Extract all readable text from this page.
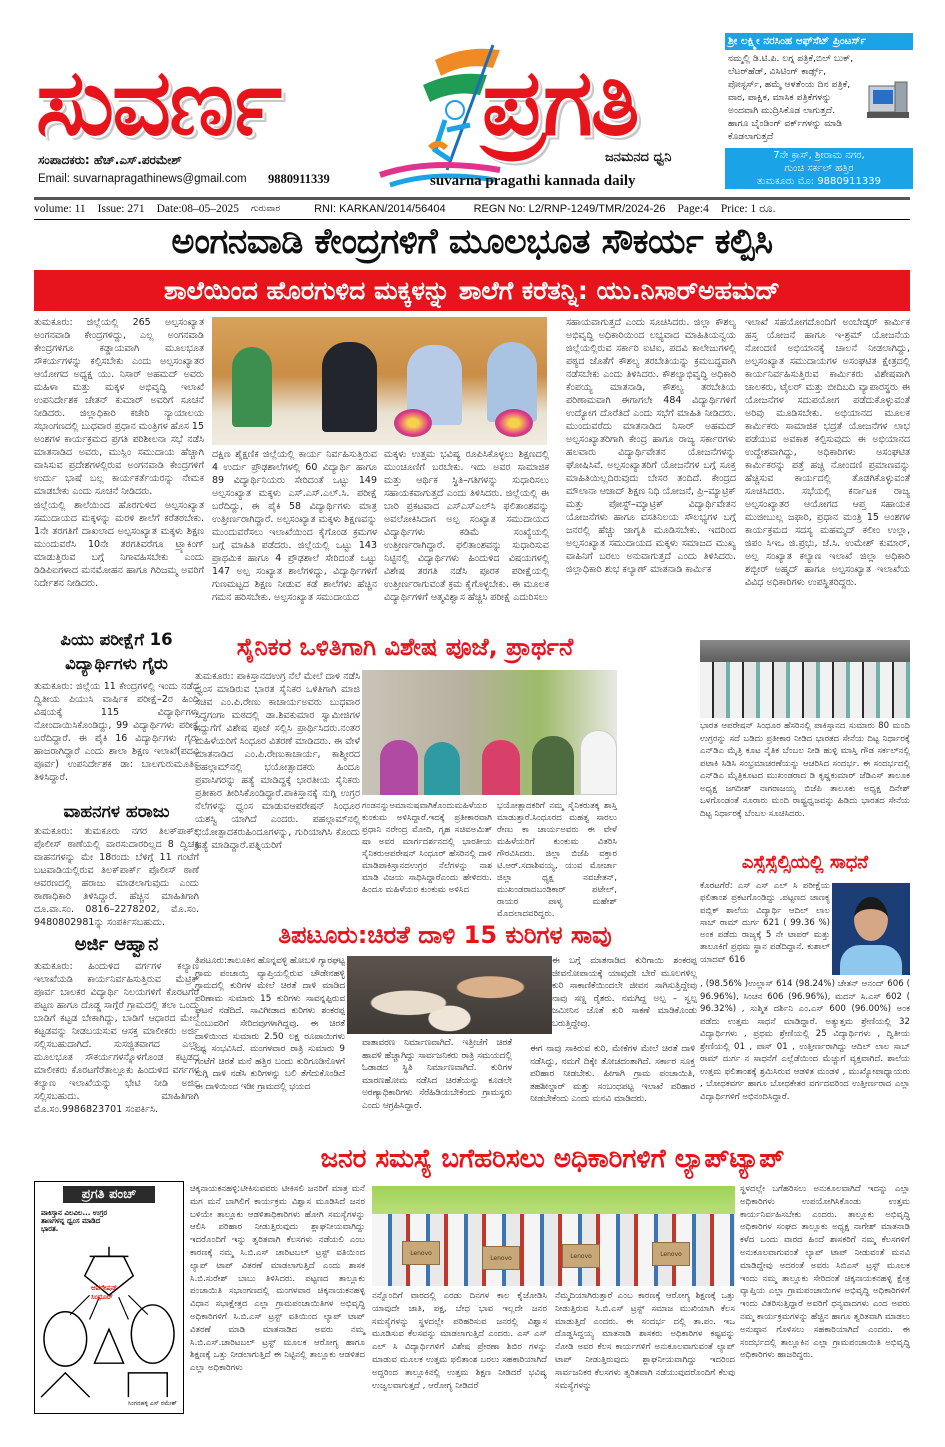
ಸುವರ್ಣ ಪ್ರಗತಿ
ಸಂಪಾದಕರು: ಹೆಚ್.ಎಸ್.ಪರಮೇಶ್
Email: suvarnapragathinews@gmail.com 9880911339
ಜನಮನದ ಧ್ವನಿ
suvarna pragathi kannada daily
ಶ್ರೀ ಲಕ್ಷ್ಮೀ ನರಸಿಂಹ ಆಫ್‌ಸೆಟ್ ಪ್ರಿಂಟರ್ಸ್
ನಮ್ಮಲ್ಲಿ ಡಿ.ಟಿ.ಪಿ. ಲಗ್ನ ಪತ್ರಿಕೆ,ಬಿಲ್ ಬುಕ್, ಲೆಟರ್‌ಹೆಡ್, ವಿಸಿಟಿಂಗ್ ಕಾರ್ಡ್ಸ್, ಪೋಸ್ಟರ್ಸ್, ಹಮ್ಮೆ ಆಳತೆಂಯ ದಿನ ಪತ್ರಿಕೆ, ವಾರ, ಪಾಕ್ಷಿಕ, ಮಾಸಿಕ ಪತ್ರಿಕೆಗಳನ್ನು ಅಂದವಾಗಿ ಮುದ್ರಿಸಿಕೊಡ ಲಾಗುತ್ತದೆ. ಹಾಗೂ ಬೈಂಡಿಂಗ್ ವರ್ಕ್‌ಗಳನ್ನು ಮಾಡಿ ಕೊಡಲಾಗುತ್ತದೆ
7ನೇ ಕ್ರಾಸ್, ಶ್ರೀರಾಮ ನಗರ,
ಗುಂಚಿ ಸರ್ಕಲ್ ಹತ್ತಿರ
ತುಮಕೂರು ಮೊ: 9880911339
volume: 11 Issue: 271 Date:08–05–2025 ಗುರುವಾರ	RNI: KARKAN/2014/56404	REGN No: L2/RNP-1249/TMR/2024-26 Page:4 Price: 1 ರೂ.
ಅಂಗನವಾಡಿ ಕೇಂದ್ರಗಳಿಗೆ ಮೂಲಭೂತ ಸೌಕರ್ಯ ಕಲ್ಪಿಸಿ
ಶಾಲೆಯಿಂದ ಹೊರಗುಳಿದ ಮಕ್ಕಳನ್ನು ಶಾಲೆಗೆ ಕರೆತನ್ನಿ: ಯು.ನಿಸಾರ್‌ಅಹಮದ್

ತುಮಕೂರು: ಜಿಲ್ಲೆಯಲ್ಲಿ 265 ಅಲ್ಪಸಂಖ್ಯಾತ ಅಂಗನವಾಡಿ ಕೇಂದ್ರಗಳಿದ್ದು, ಎಲ್ಲ ಅಂಗನವಾಡಿ ಕೇಂದ್ರಗಳಿಗೂ ಕಡ್ಡಾಯವಾಗಿ ಮೂಲಭೂತ ಸೌಕರ್ಯಗಳನ್ನು ಕಲ್ಪಿಸಬೇಕು ಎಂದು ಅಲ್ಪಸಂಖ್ಯಾತರ ಆಯೋಗದ ಅಧ್ಯಕ್ಷ ಯು. ನಿಸಾರ್ ಅಹಮದ್ ಅವರು ಮಹಿಳಾ ಮತ್ತು ಮಕ್ಕಳ ಅಭಿವೃದ್ಧಿ ಇಲಾಖೆ ಉಪನಿರ್ದೇಶಕ ಚೇತನ್ ಕುಮಾರ್ ಅವರಿಗೆ ಸೂಚನೆ ನೀಡಿದರು. ಜಿಲ್ಲಾಧಿಕಾರಿ ಕಚೇರಿ ನ್ಯಾಯಾಲಯ ಸಭಾಂಗಣದಲ್ಲಿ ಬುಧವಾರ ಪ್ರಧಾನ ಮಂತ್ರಿಗಳ ಹೊಸ 15 ಅಂಶಗಳ ಕಾರ್ಯಕ್ರಮದ ಪ್ರಗತಿ ಪರಿಶೀಲನಾ ಸಭೆ ನಡೆಸಿ ಮಾತನಾಡಿದ ಅವರು, ಮುಸ್ಲಿಂ ಸಮುದಾಯ ಹೆಚ್ಚಾಗಿ ವಾಸಿಸುವ ಪ್ರದೇಶಗಳಲ್ಲಿರುವ ಅಂಗನವಾಡಿ ಕೇಂದ್ರಗಳಿಗೆ ಉರ್ದು ಭಾಷೆ ಬಲ್ಲ ಕಾರ್ಯಕರ್ತೆಯರನ್ನು ನೇಮಕ ಮಾಡಬೇಕು ಎಂದು ಸೂಚನೆ ನೀಡಿದರು.

ಜಿಲ್ಲೆಯಲ್ಲಿ ಶಾಲೆಯಿಂದ ಹೊರಗುಳಿದ ಅಲ್ಪಸಂಖ್ಯಾತ ಸಮುದಾಯದ ಮಕ್ಕಳನ್ನು ಮರಳಿ ಶಾಲೆಗೆ ಕರೆತರಬೇಕು. 1ನೇ ತರಗತಿಗೆ ದಾಖಲಾದ ಅಲ್ಪಸಂಖ್ಯಾತ ಮಕ್ಕಳು ಶಿಕ್ಷಣ ಮುಂದುವರೆಸಿ 10ನೇ ತರಗತಿವರೆಗೂ ಟ್ರ್ಯಾಕಿಂಗ್ ಮಾಡುತ್ತಿರುವ ಬಗ್ಗೆ ನಿಗಾವಹಿಸಬೇಕು ಎಂದು ಡಿಡಿಪಿಐಗಳಾದ ಮನಮೋಹನ ಹಾಗೂ ಗಿರಿಜಮ್ಮ ಅವರಿಗೆ ನಿರ್ದೇಶನ ನೀಡಿದರು.

ದಕ್ಷಿಣ ಶೈಕ್ಷಣಿಕ ಜಿಲ್ಲೆಯಲ್ಲಿ ಕಾರ್ಯ ನಿರ್ವಹಿಸುತ್ತಿರುವ 4 ಉರ್ದು ಪ್ರೌಢಶಾಲೆಗಳಲ್ಲಿ 60 ವಿದ್ಯಾರ್ಥಿ ಹಾಗೂ 89 ವಿದ್ಯಾರ್ಥಿನಿಯರು ಸೇರಿದಂತೆ ಒಟ್ಟು 149 ಅಲ್ಪಸಂಖ್ಯಾತ ಮಕ್ಕಳು ಎಸ್.ಎಸ್.ಎಲ್.ಸಿ. ಪರೀಕ್ಷೆ ಬರೆದಿದ್ದು, ಈ ಪೈಕಿ 58 ವಿದ್ಯಾರ್ಥಿಗಳು ಮಾತ್ರ ಉತ್ತೀರ್ಣರಾಗಿದ್ದಾರೆ. ಅಲ್ಪಸಂಖ್ಯಾತ ಮಕ್ಕಳು ಶಿಕ್ಷಣವನ್ನು ಮುಂದುವರೆಸಲು ಇಲಾಖೆಯಿಂದ ಕೈಗೊಂಡ ಕ್ರಮಗಳ ಬಗ್ಗೆ ಮಾಹಿತಿ ಪಡೆದರು. ಜಿಲ್ಲೆಯಲ್ಲಿ ಒಟ್ಟು 143 ಪ್ರಾಥಮಿಕ ಹಾಗೂ 4 ಪ್ರೌಢಶಾಲೆ ಸೇರಿದಂತೆ ಒಟ್ಟು 147 ಅಲ್ಪ ಸಂಖ್ಯಾತ ಶಾಲೆಗಳಿದ್ದು, ವಿದ್ಯಾರ್ಥಿಗಳಿಗೆ ಗುಣಮಟ್ಟದ ಶಿಕ್ಷಣ ನೀಡುವ ಕಡೆ ಶಾಲೆಗಳು ಹೆಚ್ಚಿನ ಗಮನ ಹರಿಸಬೇಕು. ಅಲ್ಪಸಂಖ್ಯಾತ ಸಮುದಾಯದ

ಮಕ್ಕಳು ಉತ್ತಮ ಭವಿಷ್ಯ ರೂಪಿಸಿಕೊಳ್ಳಲು ಶಿಕ್ಷಣದಲ್ಲಿ ಮುಂಚೂಣಿಗೆ ಬರಬೇಕು. ಇದು ಅವರ ಸಾಮಾಜಿಕ ಮತ್ತು ಆರ್ಥಿಕ ಸ್ಥಿತಿ–ಗತಿಗಳನ್ನು ಸುಧಾರಿಸಲು ಸಹಾಯಕವಾಗುತ್ತದೆ ಎಂದು ತಿಳಿಸಿದರು. ಜಿಲ್ಲೆಯಲ್ಲಿ ಈ ಬಾರಿ ಪ್ರಕಟವಾದ ಎಸ್‌ಎಸ್‌ಎಲ್‌ಸಿ ಫಲಿತಾಂಶವನ್ನು ಅವಲೋಕಿಸಿದಾಗ ಅಲ್ಪ ಸಂಖ್ಯಾತ ಸಮುದಾಯದ ವಿದ್ಯಾರ್ಥಿಗಳು ಕಡಿಮೆ ಸಂಖ್ಯೆಯಲ್ಲಿ ಉತ್ತೀರ್ಣರಾಗಿದ್ದಾರೆ. ಫಲಿತಾಂಶವನ್ನು ಸುಧಾರಿಸುವ ನಿಟ್ಟಿನಲ್ಲಿ ವಿದ್ಯಾರ್ಥಿಗಳು ಹಿಂದುಳಿದ ವಿಷಯಗಳಲ್ಲಿ ವಿಶೇಷ ತರಗತಿ ನಡೆಸಿ ಪೂರಕ ಪರೀಕ್ಷೆಯಲ್ಲಿ ಉತ್ತೀರ್ಣರಾಗುವಂತೆ ಕ್ರಮ ಕೈಗೊಳ್ಳಬೇಕು. ಈ ಮೂಲಕ ವಿದ್ಯಾರ್ಥಿಗಳಿಗೆ ಆತ್ಮವಿಶ್ವಾಸ ಹೆಚ್ಚಿಸಿ ಪರೀಕ್ಷೆ ಎದುರಿಸಲು

ಸಹಾಯವಾಗುತ್ತದೆ ಎಂದು ಸೂಚಿಸಿದರು. ಜಿಲ್ಲಾ ಕೌಶಲ್ಯ ಅಭಿವೃದ್ಧಿ ಅಧಿಕಾರಿಯಿಂದ ಲಭ್ಯವಾದ ಮಾಹಿತಿಯನ್ವಯ ಜಿಲ್ಲೆಯಲ್ಲಿರುವ ಸರ್ಕಾರಿ ಐಟಿಐ, ಪದವಿ ಕಾಲೇಜುಗಳಲ್ಲಿ ಪಠ್ಯದ ಜೊತೆಗೆ ಕೌಶಲ್ಯ ತರಬೇತಿಯನ್ನು ಕ್ರಮಬದ್ಧವಾಗಿ ನಡೆಸಬೇಕು ಎಂದು ತಿಳಿಸಿದರು. ಕೌಶಲ್ಯಾಭಿವೃದ್ಧಿ ಅಧಿಕಾರಿ ಕೆಂಪಯ್ಯ ಮಾತನಾಡಿ, ಕೌಶಲ್ಯ ತರಬೇತಿಯ ಪರಿಣಾಮವಾಗಿ ಈಗಾಗಲೇ 484 ವಿದ್ಯಾರ್ಥಿಗಳಿಗೆ ಉದ್ಯೋಗ ದೊರೆತಿದೆ ಎಂದು ಸಭೆಗೆ ಮಾಹಿತಿ ನೀಡಿದರು. ಮುಂದುವರೆದು ಮಾತನಾಡಿದ ನಿಸಾರ್ ಅಹಮದ್ ಅಲ್ಪಸಂಖ್ಯಾತರಿಗಾಗಿ ಕೇಂದ್ರ ಹಾಗೂ ರಾಜ್ಯ ಸರ್ಕಾರಗಳು ಹಲವಾರು ವಿದ್ಯಾರ್ಥಿವೇತನ ಯೋಜನೆಗಳನ್ನು ಘೋಷಿಸಿವೆ. ಅಲ್ಪಸಂಖ್ಯಾತರಿಗೆ ಯೋಜನೆಗಳ ಬಗ್ಗೆ ಸೂಕ್ತ ಮಾಹಿತಿಯಿಲ್ಲದಿರುವುದು ಬೇಸರ ತಂದಿದೆ. ಕೇಂದ್ರದ ಮೌಲಾನಾ ಆಜಾದ್ ಶಿಕ್ಷಣ ನಿಧಿ ಯೋಜನೆ, ಪ್ರಿ–ಮ್ಯಾಟ್ರಿಕ್ ಮತ್ತು ಪೋಸ್ಟ್–ಮ್ಯಾಟ್ರಿಕ್ ವಿದ್ಯಾರ್ಥಿವೇತನ ಯೋಜನೆಗಳು ಹಾಗೂ ವಸತಿನಿಲಯ ಸೌಲಭ್ಯಗಳ ಬಗ್ಗೆ ಜನರಲ್ಲಿ ಹೆಚ್ಚು ಜಾಗೃತಿ ಮೂಡಿಸಬೇಕು. ಇದರಿಂದ ಅಲ್ಪಸಂಖ್ಯಾತ ಸಮುದಾಯದ ಮಕ್ಕಳು ಸಮಾಜದ ಮುಖ್ಯ ವಾಹಿನಿಗೆ ಬರಲು ಅನುವಾಗುತ್ತದೆ ಎಂದು ತಿಳಿಸಿದರು. ಜಿಲ್ಲಾಧಿಕಾರಿ ಶುಭ ಕಲ್ಯಾಣ್ ಮಾತನಾಡಿ ಕಾರ್ಮಿಕ

ಇಲಾಖೆ ಸಹಯೋಗದೊಂದಿಗೆ ಅಂಬೇಡ್ಕರ್ ಕಾರ್ಮಿಕ ಹಸ್ತ ಯೋಜನೆ ಹಾಗೂ ಇ-ಶ್ರಮ್ ಯೋಜನೆಯ ನೋಂದಣಿ ಅಭಿಯಾನಕ್ಕೆ ಚಾಲನೆ ನೀಡಲಾಗಿದ್ದು, ಅಲ್ಪಸಂಖ್ಯಾತ ಸಮುದಾಯಗಳ ಅಸಂಘಟಿತ ಕ್ಷೇತ್ರದಲ್ಲಿ ಕಾರ್ಯನಿರ್ವಹಿಸುತ್ತಿರುವ ಕಾರ್ಮಿಕರು ವಿಶೇಷವಾಗಿ ಚಾಲಕರು, ಟೈಲರ್ ಮತ್ತು ಬೀದಿಬದಿ ವ್ಯಾಪಾರಸ್ಥರು ಈ ಯೋಜನೆಗಳ ಸದುಪಯೋಗ ಪಡೆದುಕೊಳ್ಳುವಂತೆ ಅರಿವು ಮೂಡಿಸಬೇಕು. ಅಭಿಯಾನದ ಮೂಲಕ ಕಾರ್ಮಿಕರು ಸಾಮಾಜಿಕ ಭದ್ರತೆ ಯೋಜನೆಗಳ ಲಾಭ ಪಡೆಯುವ ಅವಕಾಶ ಕಲ್ಪಿಸುವುದು ಈ ಅಭಿಯಾನದ ಉದ್ದೇಶವಾಗಿದ್ದು, ಅಧಿಕಾರಿಗಳು ಅಸಂಘಟಿತ ಕಾರ್ಮಿಕರನ್ನು ಪತ್ತೆ ಹಚ್ಚಿ ನೋಂದಣಿ ಪ್ರಮಾಣವನ್ನು ಹೆಚ್ಚಿಸುವ ಕಾರ್ಯದಲ್ಲಿ ತೊಡಗಿಕೊಳ್ಳುವಂತೆ ಸೂಚಿಸಿದರು. ಸಭೆಯಲ್ಲಿ ಕರ್ನಾಟಕ ರಾಜ್ಯ ಅಲ್ಪಸಂಖ್ಯಾತರ ಆಯೋಗದ ಆಪ್ತ ಸಹಾಯಕ ಮುಜೀಬುಲ್ಲ ಜಫಾರಿ, ಪ್ರಧಾನ ಮಂತ್ರಿ 15 ಅಂಶಗಳ ಕಾರ್ಯಕ್ರಮದ ಸದಸ್ಯ ಮಹಮ್ಮದ್ ಕಲೀಂ ಉಲ್ಲಾ, ಜಿಪಂ ಸಿಇಒ ಜಿ.ಪ್ರಭು, ಜೆ.ಸಿ. ಉಮೇಶ್ ಕುಮಾರ್, ಅಲ್ಪ ಸಂಖ್ಯಾತ ಕಲ್ಯಾಣ ಇಲಾಖೆ ಜಿಲ್ಲಾ ಅಧಿಕಾರಿ ಶಬ್ಬೀರ್ ಅಹ್ಮದ್ ಹಾಗೂ ಅಲ್ಪಸಂಖ್ಯಾತ ಇಲಾಖೆಯ ವಿವಿಧ ಅಧಿಕಾರಿಗಳು ಉಪಸ್ಥಿತರಿದ್ದರು.

ಪಿಯು ಪರೀಕ್ಷೆಗೆ 16
ವಿದ್ಯಾರ್ಥಿಗಳು ಗೈರು

ತುಮಕೂರು: ಜಿಲ್ಲೆಯ 11 ಕೇಂದ್ರಗಳಲ್ಲಿ ಇಂದು ನಡೆದ ದ್ವಿತೀಯ ಪಿಯುಸಿ ವಾರ್ಷಿಕ ಪರೀಕ್ಷೆ–2ರ ಹಿಂದಿ ವಿಷಯಕ್ಕೆ 115 ವಿದ್ಯಾರ್ಥಿಗಳು ನೋಂದಾಯಿಸಿಕೊಂಡಿದ್ದು, 99 ವಿದ್ಯಾರ್ಥಿಗಳು ಪರೀಕ್ಷೆ ಬರೆದಿದ್ದಾರೆ. ಈ ಪೈಕಿ 16 ವಿದ್ಯಾರ್ಥಿಗಳು ಗೈರು ಹಾಜರಾಗಿದ್ದಾರೆ ಎಂದು ಶಾಲಾ ಶಿಕ್ಷಣ ಇಲಾಖೆ(ಪದವಿ ಪೂರ್ವ) ಉಪನಿರ್ದೇಶಕ ಡಾ: ಬಾಲಗುರುಮೂರ್ತಿ ತಿಳಿಸಿದ್ದಾರೆ.

ವಾಹನಗಳ ಹರಾಜು

ತುಮಕೂರು: ತುಮಕೂರು ನಗರ ತಿಲಕ್‌ಪಾರ್ಕ್ ಪೊಲೀಸ್ ಠಾಣೆಯಲ್ಲಿ ವಾರಸುದಾರರಿಲ್ಲದ 8 ದ್ವಿಚಕ್ರ ವಾಹನಗಳನ್ನು ಮೇ 18ರಂದು ಬೆಳಿಗ್ಗೆ 11 ಗಂಟೆಗೆ ಬಟವಾಡಿಯಲ್ಲಿರುವ ತಿಲಕ್‌ಪಾರ್ಕ್ ಪೊಲೀಸ್ ಠಾಣೆ ಆವರಣದಲ್ಲಿ ಹರಾಜು ಮಾಡಲಾಗುವುದು ಎಂದು ಠಾಣಾಧಿಕಾರಿ ತಿಳಿಸಿದ್ದಾರೆ. ಹೆಚ್ಚಿನ ಮಾಹಿತಿಗಾಗಿ ದೂ.ವಾ.ಸಂ. 0816–2278202, ಮೊ.ಸಂ. 9480802981ನ್ನು ಸಂಪರ್ಕಿಸಬಹುದು.

ಅರ್ಜಿ ಆಹ್ವಾನ

ತುಮಕೂರು: ಹಿಂದುಳಿದ ವರ್ಗಗಳ ಕಲ್ಯಾಣ ಇಲಾಖೆಯಡಿ ಕಾರ್ಯನಿರ್ವಹಿಸುತ್ತಿರುವ ಮೆಟ್ರಿಕ್ ಪೂರ್ವ ಬಾಲಕರ ವಿದ್ಯಾರ್ಥಿ ನಿಲಯಗಳಿಗೆ ಕೊರಟಗೆರೆ ಪಟ್ಟಣ ಹಾಗೂ ದೊಡ್ಡ ಸಾಗ್ಗೆರೆ ಗ್ರಾಮದಲ್ಲಿ ತಲಾ ಒಂದು ಬಾಡಿಗೆ ಕಟ್ಟಡ ಬೇಕಾಗಿದ್ದು, ಬಾಡಿಗೆ ಆಧಾರದ ಮೇಲೆ ಕಟ್ಟಡವನ್ನು ನೀಡಬಯಸುವ ಆಸಕ್ತ ಮಾಲೀಕರು ಅರ್ಜಿ ಸಲ್ಲಿಸಬಹುದಾಗಿದೆ. ಸುಸಜ್ಜಿತವಾಗದ ಎಲ್ಲಾ ಮೂಲಭೂತ ಸೌಕರ್ಯಗಳನ್ನೊಳಗೊಂಡ ಕಟ್ಟಡದ ಮಾಲೀಕರು ಕೊರಟಗೆರೆತಾಲ್ಲೂಕು ಹಿಂದುಳಿದ ವರ್ಗಗಳ ಕಲ್ಯಾಣ ಇಲಾಖೆಯನ್ನು ಭೇಟಿ ನೀಡಿ ಅರ್ಜಿ ಸಲ್ಲಿಸಬಹುದು. ಮಾಹಿತಿಗಾಗಿ ಮೊ.ಸಂ.9986823701 ಸಂಪರ್ಕಿಸಿ.

ಸೈನಿಕರ ಒಳಿತಿಗಾಗಿ ವಿಶೇಷ ಪೂಜೆ, ಪ್ರಾರ್ಥನೆ

ತುಮಕೂರು: ಪಾಕಿಸ್ತಾನದಉಗ್ರ ನೆಲೆ ಮೇಲೆ ದಾಳಿ ನಡೆಸಿ ಧ್ವಂಸ ಮಾಡಿರುವ ಭಾರತ ಸೈನಿಕರ ಒಳಿತಿಗಾಗಿ ಮಾಜಿ ಸಚಿವ ಎಂ.ಪಿ.ರೇಣು ಕಾಚಾರ್ಯಅವರು ಬುಧವಾರ ಸಿದ್ಧಗಂಗಾ ಮಠದಲ್ಲಿ ಡಾ.ಶಿವಕುಮಾರ ಸ್ವಾಮೀಜಿಗಳ ಗದ್ದುಗೆಗೆ ವಿಶೇಷ ಪೂಜೆ ಸಲ್ಲಿಸಿ ಪ್ರಾರ್ಥಿಸಿದರು.ನಂತರ ಮಹಿಳೆಯರಿಗೆ ಸಿಂಧೂರ ವಿತರಣೆ ಮಾಡಿದರು. ಈ ವೇಳೆ ಮಾತನಾಡಿದ ಎಂ.ಪಿ.ರೇಣುಕಾಚಾರ್ಯ, ಕಾಶ್ಮೀರದ ಪಹಲ್ಗಾಮ್‌ನಲ್ಲಿ ಭಯೋತ್ಪಾದಕರು ಹಿಂದೂ ಪ್ರವಾಸಿಗರನ್ನು ಹತ್ಯೆ ಮಾಡಿದ್ದಕ್ಕೆ ಭಾರತೀಯ ಸೈನಿಕರು ಪ್ರತೀಕಾರ ತೀರಿಸಿಕೊಂಡಿದ್ದಾರೆ.ಪಾಕಿಸ್ತಾನಕ್ಕೆ ನುಗ್ಗಿ ಉಗ್ರರ ನೆಲೆಗಳನ್ನು ಧ್ವಂಸ ಮಾಡುವಆಪರೇಷನ್ ಸಿಂಧೂರ ಯಶಸ್ವಿ ಯಾಗಿದೆ ಎಂದರು. ಪಹಲ್ಗಾಮ್‌ನಲ್ಲಿ ಭಯೋತ್ಪಾದಕರುಹಿಂದೂಗಳನ್ನು, ಗುರಿಯಾಗಿಸಿ ಕೊಂದು ಹತ್ಯೆ ಮಾಡಿದ್ದಾರೆ.ಪತ್ನಿಯರಿಗೆ

ಗಂಡನನ್ನುಅಮಾನುಷವಾಗಿಕೊಂದುಮಹಿಳೆಯರ ಕುಂಕುಮ ಅಳಿಸಿದ್ದಾರೆ.ಇದಕ್ಕೆ ಪ್ರತೀಕಾರವಾಗಿ ಪ್ರಧಾನಿ ನರೇಂದ್ರ ಮೋದಿ, ಗೃಹ ಸಚಿವಅಮಿತ್ ಷಾ ಅವರ ಮಾರ್ಗದರ್ಶನದಲ್ಲಿ ಭಾರತೀಯ ಸೈನಿಕರುಆಪರೇಷನ್ ಸಿಂಧೂರ್ ಹೆಸರಿನಲ್ಲಿ ದಾಳಿ ಮಾಡಿಪಾಕಿಸ್ತಾನದಉಗ್ರರ ನೆಲೆಗಳನ್ನು ನಾಶ ಮಾಡಿ ವಿಜಯ ಸಾಧಿಸಿದ್ದಾರೆಎಂದು ಹೇಳಿದರು. ಹಿಂದೂ ಮಹಿಳೆಯರ ಕುಂಕುಮ ಅಳಿಸಿದ

ಭಯೋತ್ಪಾದಕರಿಗೆ ನಮ್ಮ ಸೈನಿಕರುತಕ್ಕ ಶಾಸ್ತಿ ಮಾಡುತ್ತಾರೆ.ಸಿಂಧೂರದ ಮಹತ್ವ ಸಾರಲು ರೇಣು ಕಾ ಚಾರ್ಯಅವರು ಈ ವೇಳೆ ಮಹಿಳೆಯರಿಗೆ ಕುಂಕುಮ ವಿತರಿಸಿ ಗೌರವಿಸಿದರು. ಜಿಲ್ಲಾ ಬಿಜೆಪಿ ವಕ್ತಾರ ಟಿ.ಆರ್.ಸದಾಶಿವಯ್ಯ, ಯುವ ಮೋರ್ಚಾ ಜಿಲ್ಲಾ ಧ್ಯಕ್ಷ ನವಚೇತನ್, ಮುಖಂಡರಾದಬಂಡಿಕಾರ್ ಪಟೇಲ್, ರಾಯರ ಪಾಳ್ಯ ಮಹೇಶ್ ಮೊದಲಾದವರಿದ್ದರು.

ಭಾರತ ಆಪರೇಷನ್ ಸಿಂಧೂರ ಹೆಸರಿನಲ್ಲಿ ಪಾಕಿಸ್ತಾನದ ಸುಮಾರು 80 ಮಂದಿ ಉಗ್ರರನ್ನು ಸದೆ ಬಡಿದು ಪ್ರತೀಕಾರ ನೀಡಿದ ಭಾರತದ ಸೇನೆಯ ದಿಟ್ಟ ನಿರ್ಧಾರಕ್ಕೆ ಎನ್‌ಡಿಎ ಮೈತ್ರಿ ಕೂಟ ನೈತಿಕ ಬೆಂಬಲ ನೀಡಿ ಹುಳ್ಳಿ ಮಾಸ್ತಿ ಗೌಡ ಸರ್ಕಲ್‌ನಲ್ಲಿ ಪಟಾಕಿ ಸಿಡಿಸಿ ಸಂಭ್ರಮಾಚರಣೆಯನ್ನು ಆಚರಿಸಿದ ಸಂದರ್ಭ. ಈ ಸಂದರ್ಭದಲ್ಲಿ ಎನ್‌ಡಿಎ ಮೈತ್ರಿಕೂಟದ ಮುಖಂಡರಾದ ಡಿ ಕೃಷ್ಣಕುಮಾರ್ ಜೆಡಿಎಸ್ ತಾಲೂಕ ಅಧ್ಯಕ್ಷ ಜಗದೀಶ್ ನಾಗರಾಜಯ್ಯ ಬಿಜೆಪಿ ತಾಲೂಕು ಅಧ್ಯಕ್ಷ ದಿನೇಶ್ ಒಳಗೊಂಡಂತೆ ನೂರಾರು ಮಂದಿ ರಾಷ್ಟ್ರಧ್ವಜವನ್ನು ಹಿಡಿದು ಭಾರತದ ಸೇನೆಯ ದಿಟ್ಟ ನಿರ್ಧಾರಕ್ಕೆ ಬೆಂಬಲ ಸೂಚಿಸಿದರು.

ಎಸ್ಸೆಸ್ಸೆಲ್ಸಿಯಲ್ಲಿ ಸಾಧನೆ

ಕೊರಟಗೆರೆ: ಎಸ್ ಎಸ್ ಎಲ್ ಸಿ ಪರೀಕ್ಷೆಯ ಫಲಿತಾಂಶ ಪ್ರಕಟಗೊಂಡಿದ್ದು .ಪಟ್ಟಣದ ಚಾಣಕ್ಯ ಪಬ್ಲಿಕ್ ಶಾಲೆಯ ವಿದ್ಯಾರ್ಥಿ ಆದಿಲ್ ಲಾಲ ಸಾಬ್ ರಾಮ್ ದುರ್ಗ 621 ( 99.36 %) ಅಂಕ ಪಡೆದು ರಾಜ್ಯಕ್ಕೆ 5 ನೇ ಟಾಪರ್ ಮತ್ತು ತಾಲೂಕಿಗೆ ಪ್ರಥಮ ಸ್ಥಾನ ಪಡೆದಿದ್ದಾನೆ. ಕುಶಾಲ್ ಯಾದವ್ 616

, (98.56% )ಉಲ್ಲಾಸ್ 614 (98.24%) ಚೇತನ್ ಆನಂದ್ 606 ( 96.96%), ಸಿಂಚನ 606 (96.96%), ಮದನ್ ಸಿ.ಎಸ್ 602 ( 96.32%) , ಸುಶ್ಮಿತ ದರ್ಶಿನಿ ಎಂ.ಎಸ್ 600 (96.00%) ಅಂಕ ಪಡೆದು ಉತ್ತಮ ಸಾಧನೆ ಮಾಡಿದ್ದಾರೆ. ಅತ್ಯುತ್ತಮ ಶ್ರೇಣಿಯಲ್ಲಿ 32 ವಿದ್ಯಾರ್ಥಿಗಳು , ಪ್ರಥಮ ಶ್ರೇಣಿಯಲ್ಲಿ 25 ವಿದ್ಯಾರ್ಥಿಗಳು , ದ್ವಿತೀಯ ಶ್ರೇಣಿಯಲ್ಲಿ 01 , ಪಾಸ್ 01 , ಉತ್ತೀರ್ಣರಾಗಿದ್ದು ಆದಿಲ್ ಲಾಲ ಸಾಬ್ ರಾಮ್ ದುರ್ಗ ನ ಸಾಧನೆಗೆ ಎಲ್ಲೆಡೆಯಿಂದ ಮೆಚ್ಚುಗೆ ವ್ಯಕ್ತವಾಗಿದೆ. ಶಾಲೆಯ ಉತ್ತಮ ಫಲಿತಾಂಶಕ್ಕೆ ಶ್ರಮಿಸಿರುವ ಆಡಳಿತ ಮಂಡಳಿ , ಮುಖ್ಯೋಪಾಧ್ಯಾಯರು , ಬೋಧಕವರ್ಗ ಹಾಗೂ ಬೋಧಕೇತರ ವರ್ಗದವರಿಂದ ಉತ್ತೀರ್ಣರಾದ ಎಲ್ಲಾ ವಿದ್ಯಾರ್ಥಿಗಳಿಗೆ ಅಭಿನಂದಿಸಿದ್ದಾರೆ.

ತಿಪಟೂರು:ಚಿರತೆ ದಾಳಿ 15 ಕುರಿಗಳ ಸಾವು

ತಿಪಟೂರು:ತಾಲೂಕಿನ ಹೊನ್ನವಳ್ಳಿ ಹೋಬಳಿ ಗ್ಯಾರಘಟ್ಟ ಗ್ರಾಮ ಪಂಚಾಯ್ತಿ ವ್ಯಾಪ್ತಿಯಲ್ಲಿರುವ ಚೌಡೇನಹಳ್ಳಿ ಗ್ರಾಮದಲ್ಲಿ ಕುರಿಗಳ ಮೇಲೆ ಚಿರತೆ ದಾಳಿ ಮಾಡಿದ ಪರಿಣಾಮ ಸುಮಾರು 15 ಕುರಿಗಳು ಸಾವನ್ನಪ್ಪಿರುವ ಘಟನೆ ನಡೆದಿದೆ. ಸಾವಿಗೀಡಾದ ಕುರಿಗಳು ಶಂಕರಪ್ಪ ಎಂಬುವರಿಗೆ ಸೇರಿದವುಗಳಾಗಿದ್ದವು. ಈ ಚಿರತೆ ದಾಳಿಯಿಂದ ಸುಮಾರು 2.50 ಲಕ್ಷ ರೂಪಾಯಿಗಳು ನಷ್ಟ ಸಂಭವಿಸಿದೆ. ಮಂಗಳವಾರ ರಾತ್ರಿ ಸುಮಾರು 9 ಗಂಟೆಗೆ ಚಿರತೆ ಮನೆ ಹತ್ತಿರ ಬಂದು ಕುರಿಗೂಡಿನೊಳಗೆ ನುಗ್ಗಿ ದಾಳಿ ನಡೆಸಿ ಕುರಿಗಳನ್ನು ಬಲಿ ತೆಗೆದುಕೊಂಡಿದೆ ಈ ದಾಳಿಯಿಂದ ಇಡೀ ಗ್ರಾಮದಲ್ಲಿ ಭಯದ

ವಾತಾವರಣ ನಿರ್ಮಾಣವಾಗಿದೆ. ಇತ್ತೀಚೆಗೆ ಚಿರತೆ ಹಾವಳಿ ಹೆಚ್ಚಾಗಿದ್ದು ಸಾರ್ವಜನಿಕರು ರಾತ್ರಿ ಸಮಯದಲ್ಲಿ ಓಡಾಡದ ಸ್ಥಿತಿ ನಿರ್ಮಾಣವಾಗಿದೆ. ಕುರಿಗಳ ಮಾರಣಹೋಮ ನಡೆಸಿದ ಚಿರತೆಯನ್ನು ಕೂಡಲೇ ಅರಣ್ಯಾಧಿಕಾರಿಗಳು ಸೆರೆಹಿಡಿಯಬೇಕೆಂದು ಗ್ರಾಮಸ್ಥರು ಎಂದು ಆಗ್ರಹಿಸಿದ್ದಾರೆ.

ಈ ಬಗ್ಗೆ ಮಾತನಾಡಿದ ಕುರಿಗಾಯಿ ಶಂಕರಪ್ಪ ಜೀವನೋಪಾಯಕ್ಕೆ ಯಾವುದೇ ಬೇರೆ ಮೂಲಗಳಿಲ್ಲ ಕುರಿ ಸಾಕಾಣಿಕೆಯಿಂದಲೇ ಜೀವನ ಸಾಗಿಸುತ್ತಿದ್ದೇವು ನಾವು ಸಣ್ಣ ರೈತರು. ನಮಗಿದ್ದ ಅಲ್ಪ – ಸ್ವಲ್ಪ ಜಮೀನಿನ ಜೊತೆ ಕುರಿ ಸಾಕಣೆ ಮಾಡಿಕೊಂಡು ಬರುತ್ತಿದ್ದೇವು.

ಈಗ ನಾವು ಸಾಕಿರುವ ಕುರಿ, ಮೇಕೆಗಳ ಮೇಲೆ ಚಿರತೆ ದಾಳಿ ನಡೆಸಿದ್ದು, ನಮಗೆ ದಿಕ್ಕೇ ತೋಚದಂತಾಗಿದೆ. ಸರ್ಕಾರ ಸೂಕ್ತ ಪರಿಹಾರ ನೀಡಬೇಕು. ಹೀಗಾಗಿ ಗ್ರಾಮ ಪಂಚಾಯಿತಿ, ತಹಶೀಲ್ದಾರ್ ಮತ್ತು ಸಂಬಂಧಪಟ್ಟ ಇಲಾಖೆ ಪರಿಹಾರ ನೀಡಬೇಕೆಂದು ಎಂದು ಮನವಿ ಮಾಡಿದರು.

ಜನರ ಸಮಸ್ಯೆ ಬಗೆಹರಿಸಲು ಅಧಿಕಾರಿಗಳಿಗೆ ಲ್ಯಾಪ್‌ಟ್ಯಾಪ್
ಪ್ರಗತಿ ಪಂಚ್
ಪಾಕಿಸ್ತಾನ ವಿಲವಿಲ... ಉಗ್ರರ ತಾಣಗಳನ್ನ ಧ್ವಂಸ ಮಾಡಿದ ಭಾರತ.
ಆಪರೇಷನ್ ಸಿಂಧೂರ್
ಸಿಂಗನಹಳ್ಳಿ ಎಸ್ ರಮೇಶ್

ಚಿಕ್ಕನಾಯಕನಹಳ್ಳಿ:ಟೀಕಿಸುವವರು ಟೀಕಿಸಲಿ ಜನರಿಗೆ ಮಾತ್ರ ಮನೆ ಮಗ ಮನೆ ಬಾಗಿಲಿಗೆ ಕಾರ್ಯಕ್ರಮ ವಿಶ್ವಾಸ ಮೂಡಿಸಿದೆ ಜನರ ಬಳಿಯೇ ತಾಲ್ಲೂಕು ಆಡಳಿತಾಧಿಕಾರಿಗಳು ಹೋಗಿ ಸಮಸ್ಯೆಗಳನ್ನು ಆಲಿಸಿ ಪರಿಹಾರ ನೀಡುತ್ತಿರುವುದು ಶ್ಲಾಘನೀಯವಾಗಿದ್ದು ಇದರೊಂದಿಗೆ ಇನ್ನು ತ್ವರಿತವಾಗಿ ಕೆಲಸಗಳು ನಡೆಯಲಿ ಎಂಬ ಕಾರಣಕ್ಕೆ ನಮ್ಮ ಸಿ.ಬಿ.ಎಸ್ ಚಾರಿಟಬಲ್ ಟ್ರಸ್ಟ್ ವತಿಯಿಂದ ಲ್ಯಾಪ್ ಟಾಪ್ ವಿತರಣೆ ಮಾಡಲಾಗುತ್ತಿದೆ ಎಂದು ಶಾಸಕ ಸಿ.ಬಿ.ಸುರೇಶ್ ಬಾಬು ತಿಳಿಸಿದರು. ಪಟ್ಟಣದ ತಾಲ್ಲೂಕು ಪಂಚಾಯಿತಿ ಸಭಾಂಗಣದಲ್ಲಿ ಮಂಗಳವಾರ ಚಿಕ್ಕನಾಯಕನಹಳ್ಳಿ ವಿಧಾನ ಸಭಾಕ್ಷೇತ್ರದ ಎಲ್ಲಾ ಗ್ರಾಮಪಂಚಾಯಿತಿಗಳ ಅಭಿವೃದ್ಧಿ ಅಧಿಕಾರಿಗಳಿಗೆ ಸಿ.ಬಿ.ಎಸ್ ಟ್ರಸ್ಟ್ ವತಿಯಿಂದ ಲ್ಯಾಪ್ ಟಾಪ್ ವಿತರಣೆ ಮಾಡಿ ಮಾತನಾಡಿದ ಅವರು ನಮ್ಮ ಸಿ.ಬಿ.ಎಸ್.ಚಾರಿಟಬಲ್ ಟ್ರಸ್ಟ್ ಮೂಲಕ ಆರೋಗ್ಯ ಹಾಗೂ ಶಿಕ್ಷಣಕ್ಕೆ ಒತ್ತು ನೀಡಲಾಗುತ್ತಿದೆ ಈ ನಿಟ್ಟಿನಲ್ಲಿ ತಾಲ್ಲೂಕು ಆಡಳಿತದ ಎಲ್ಲಾ ಅಧಿಕಾರಿಗಳು

Lenovo
Lenovo	Lenovo	Lenovo

ನನ್ನೊಂದಿಗೆ ವಾರದಲ್ಲಿ ಎರಡು ದಿನಗಳ ಕಾಲ ಕೈಜೋಡಿಸಿ ಯಾವುದೇ ಜಾತಿ, ಪಕ್ಷ, ಬೇಧ ಭಾವ ಇಲ್ಲದೇ ಜನರ ಸಮಸ್ಯೆಗಳನ್ನು ಸ್ಥಳದಲ್ಲೇ ಪರಿಹರಿಸುವ ಜನರಲ್ಲಿ ವಿಶ್ವಾಸ ಮೂಡಿಸುವ ಕೆಲಸವನ್ನು ಮಾಡಲಾಗುತ್ತಿದೆ ಎಂದರು. ಎಸ್ ಎಸ್ ಎಲ್ ಸಿ ವಿದ್ಯಾರ್ಥಿಗಳಿಗೆ ವಿಶೇಷ ಪ್ರೇರಣಾ ಶಿಬಿರ ಗಳನ್ನು ಮಾಡುವ ಮೂಲಕ ಉತ್ತಮ ಫಲಿತಾಂಶ ಬರಲು ಸಹಕಾರಿಯಾಗಿದೆ ಅದ್ದರಿಂದ ತಾಲ್ಲೂಕಿನಲ್ಲಿ ಉತ್ತಮ ಶಿಕ್ಷಣ ನೀಡಿದರೆ ಭವಿಷ್ಯ ಉಜ್ವಲವಾಗುತ್ತದೆ , ಆರೋಗ್ಯ ನೀಡಿದರೆ

ನೆಮ್ಮದಿಯಾಗಿರುತ್ತಾರೆ ಎಂಬ ಕಾರಣಕ್ಕೆ ಆರೋಗ್ಯ ಶಿಕ್ಷಣಕ್ಕೆ ಒತ್ತು ನೀಡುತ್ತಿರುವ ಸಿ.ಬಿ.ಎಸ್ ಟ್ರಸ್ಟ್ ಸಮಾಜ ಮುಖಿಯಾಗಿ ಕೆಲಸ ಮಾಡುತ್ತಿದೆ ಎಂದರು. ಈ ಸಂದರ್ಭ ದಲ್ಲಿ ತಾ.ಪಂ. ಇಒ ದೊಡ್ಡಸಿದ್ದಯ್ಯ ಮಾತನಾಡಿ ಶಾಸಕರು ಅಧಿಕಾರಿಗಳ ಕಷ್ಟವನ್ನು ನೋಡಿ ಅವರ ಕೆಲಸ ಕಾರ್ಯಗಳಿಗೆ ಅನುಕೂಲವಾಗುವಂತೆ ಲ್ಯಾಪ್ ಟಾಪ್ ನೀಡುತ್ತಿರುವುದು ಶ್ಲಾಘನೀಯವಾಗಿದ್ದು ಇದರಿಂದ ಸಾರ್ವಜನಿಕರ ಕೆಲಸಗಳು ತ್ವರಿತವಾಗಿ ನಡೆಯುವುದರೊಂದಿಗೆ ಕೆಲವು ಸಮಸ್ಯೆಗಳನ್ನು

ಸ್ಥಳದಲ್ಲೇ ಬಗೆಹರಿಸಲು ಅನುಕೂಲವಾಗಿದೆ ಇದನ್ನು ಎಲ್ಲಾ ಅಧಿಕಾರಿಗಳು ಉಪಯೋಗಿಸಿಕೊಂಡು ಉತ್ತಮ ಕಾರ್ಯನಿರ್ವಹಿಸಬೇಕು ಎಂದರು. ತಾಲ್ಲೂಕು ಅಭಿವೃದ್ಧಿ ಅಧಿಕಾರಿಗಳ ಸಂಘದ ತಾಲ್ಲೂಕು ಅಧ್ಯಕ್ಷ ನಾಗೇಶ್ ಮಾತನಾಡಿ ಕಳೆದ ಒಂದು ವಾರದ ಹಿಂದೆ ಶಾಸಕರಿಗೆ ನಮ್ಮ ಕೆಲಸಗಳಿಗೆ ಅನುಕೂಲವಾಗುವಂತೆ ಲ್ಯಾಪ್ ಟಾಪ್ ನೀಡುವಂತೆ ಮನವಿ ಮಾಡಿದ್ದೇವು ಅದರಂತೆ ಅವರು ಸಿಬಿಎಸ್ ಟ್ರಸ್ಟ್ ಮೂಲಕ ಇಂದು ನಮ್ಮ ತಾಲ್ಲೂಕು ಸೇರಿದಂತೆ ಚಿಕ್ಕನಾಯಕನಹಳ್ಳಿ ಕ್ಷೇತ್ರ ವ್ಯಾಪ್ತಿಯ ಎಲ್ಲಾ ಗ್ರಾಮಪಂಚಾಯಿಗಳ ಅಭಿವೃದ್ಧಿ ಅಧಿಕಾರಿಗಳಿಗೆ ಇಂದು ವಿತರಿಸುತ್ತಿದ್ದಾರೆ ಅವರಿಗೆ ಧನ್ಯವಾದಗಳು ಎಂದ ಅವರು ನಮ್ಮ ಕಾರ್ಯಕ್ರಮಗಳನ್ನು ಹೆಚ್ಚಿನ ಹಾಗೂ ತ್ವರಿತವಾಗಿ ಮಾಡಲು ಅನುಷ್ಠಾನ ಗೊಳಿಸಲು ಸಹಕಾರಿಯಾಗಿದೆ ಎಂದರು. ಈ ಸಂದರ್ಭದಲ್ಲಿ ತಾಲ್ಲೂಕಿನ ಎಲ್ಲಾ ಗ್ರಾಮಪಂಚಾಯಿತಿ ಅಭಿವೃದ್ಧಿ ಅಧಿಕಾರಿಗಳು ಹಾಜರಿದ್ದರು.
